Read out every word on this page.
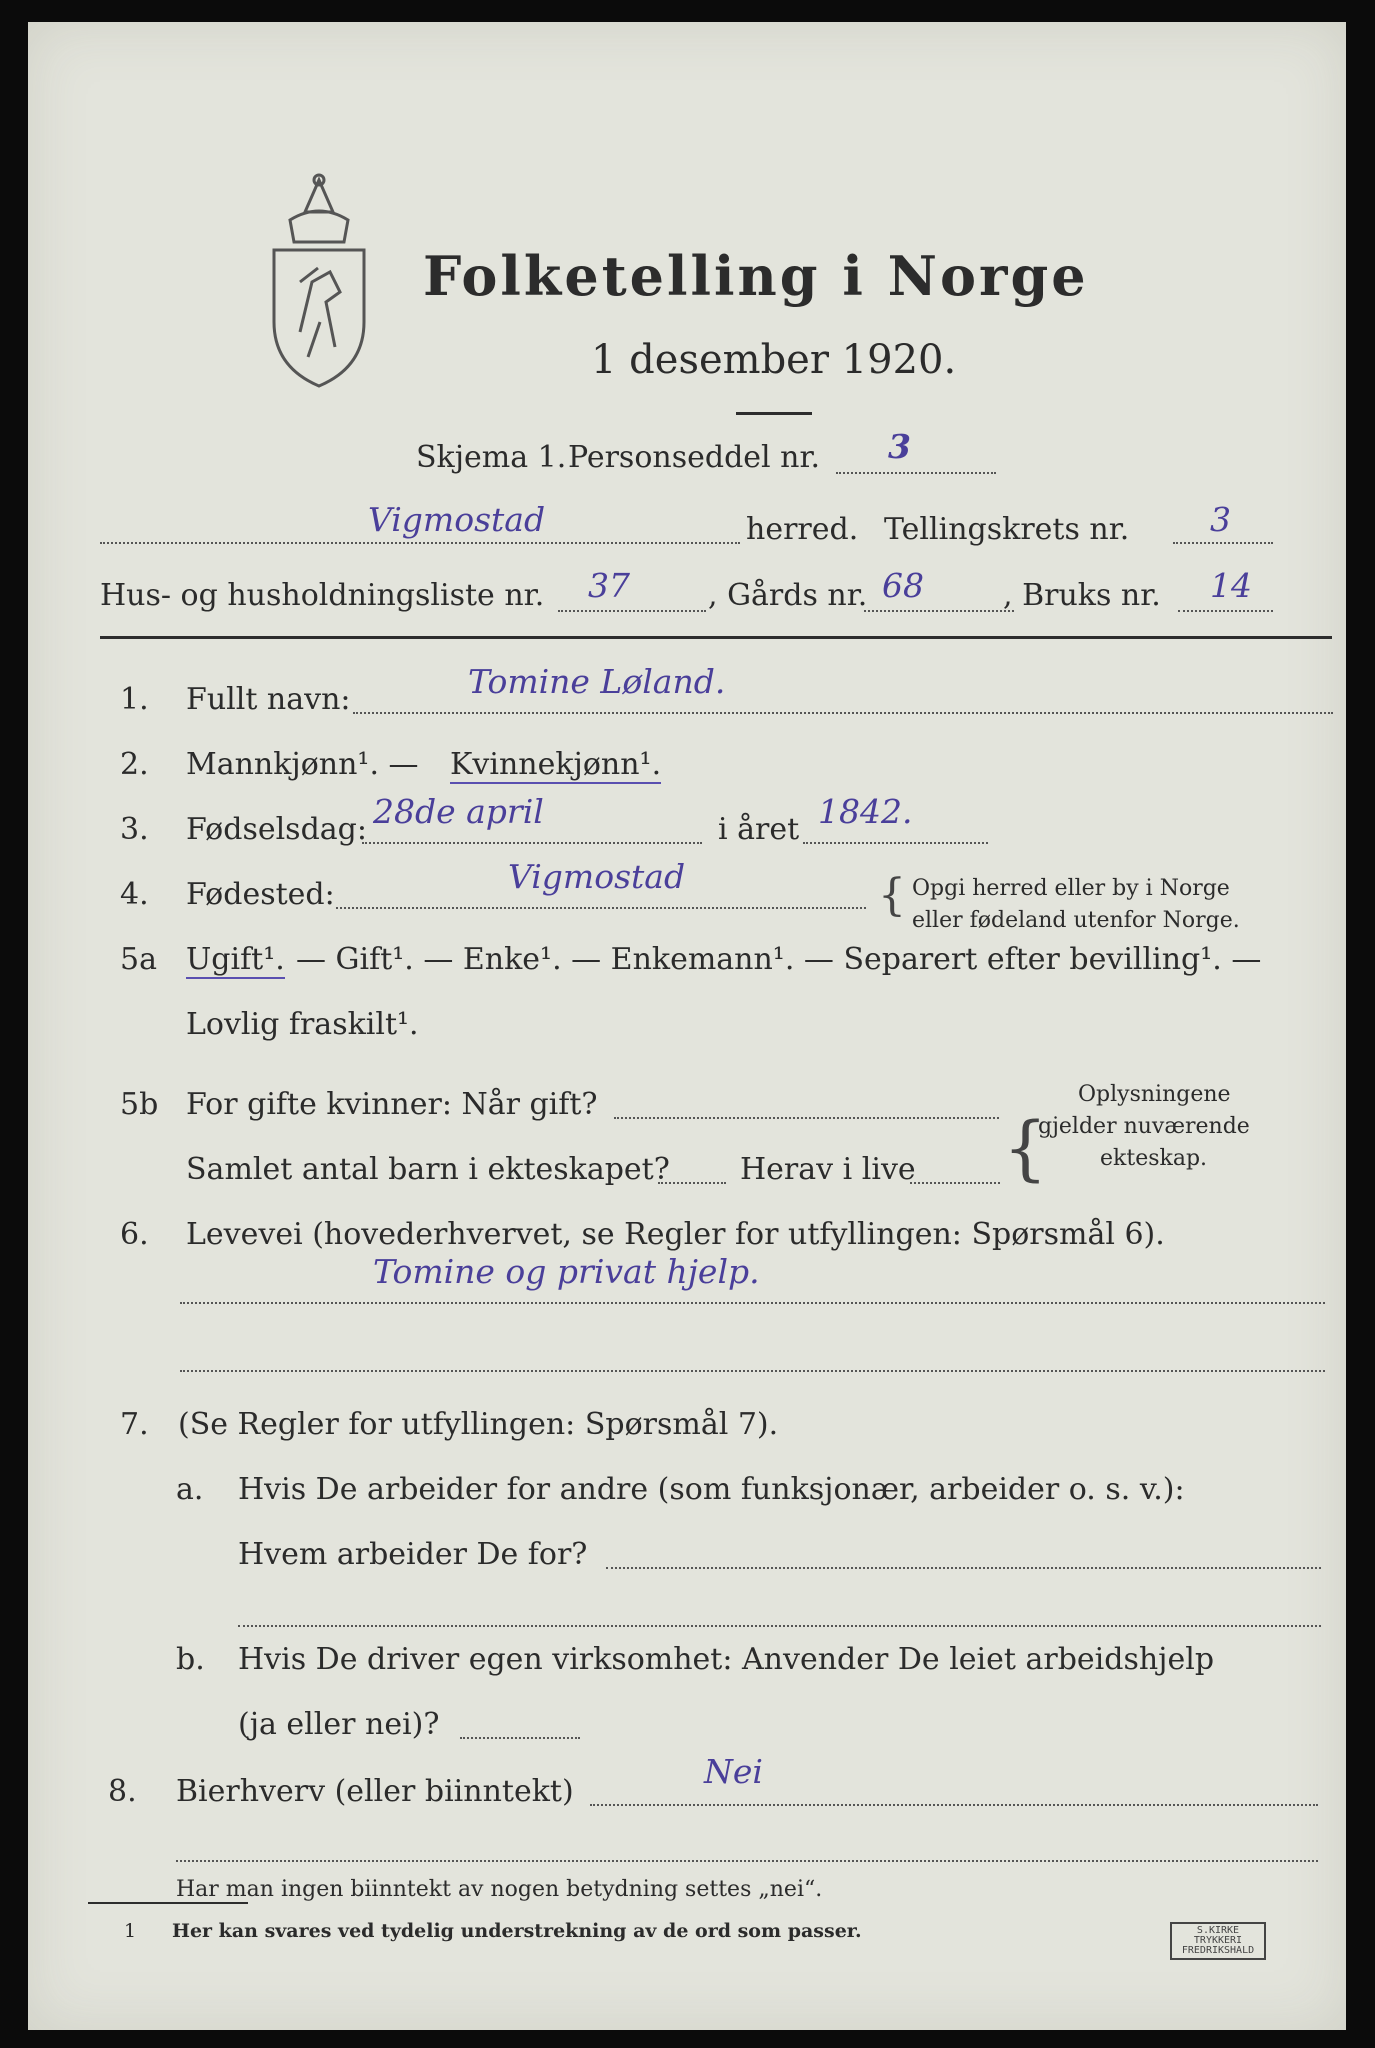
Folketelling i Norge
1 desember 1920.
Skjema 1. Personseddel nr. 3
Vigmostad	herred. Tellingskrets nr. 3
Hus- og husholdningsliste nr. 37	, Gårds nr. 68	, Bruks nr. 14
1. Fullt navn:	Tomine Løland.
2. Mannkjønn¹. — Kvinnekjønn¹.
3. Fødselsdag: 28de april	i året 1842.
4. Fødested:	Vigmostad	{ Opgi herred eller by i Norge
eller fødeland utenfor Norge.
5a Ugift¹. — Gift¹. — Enke¹. — Enkemann¹. — Separert efter bevilling¹. —
Lovlig fraskilt¹.
5b For gifte kvinner: Når gift?
Samlet antal barn i ekteskapet? Herav i live {
Oplysningene
gjelder nuværende
ekteskap.
6. Levevei (hovederhvervet, se Regler for utfyllingen: Spørsmål 6).
Tomine og privat hjelp.
7. (Se Regler for utfyllingen: Spørsmål 7).
a. Hvis De arbeider for andre (som funksjonær, arbeider o. s. v.):
Hvem arbeider De for?
b. Hvis De driver egen virksomhet: Anvender De leiet arbeidshjelp
(ja eller nei)?
8. Bierhverv (eller biinntekt)
Nei
Har man ingen biinntekt av nogen betydning settes „nei“.
1 Her kan svares ved tydelig understrekning av de ord som passer.	S.KIRKE TRYKKERI FREDRIKSHALD
